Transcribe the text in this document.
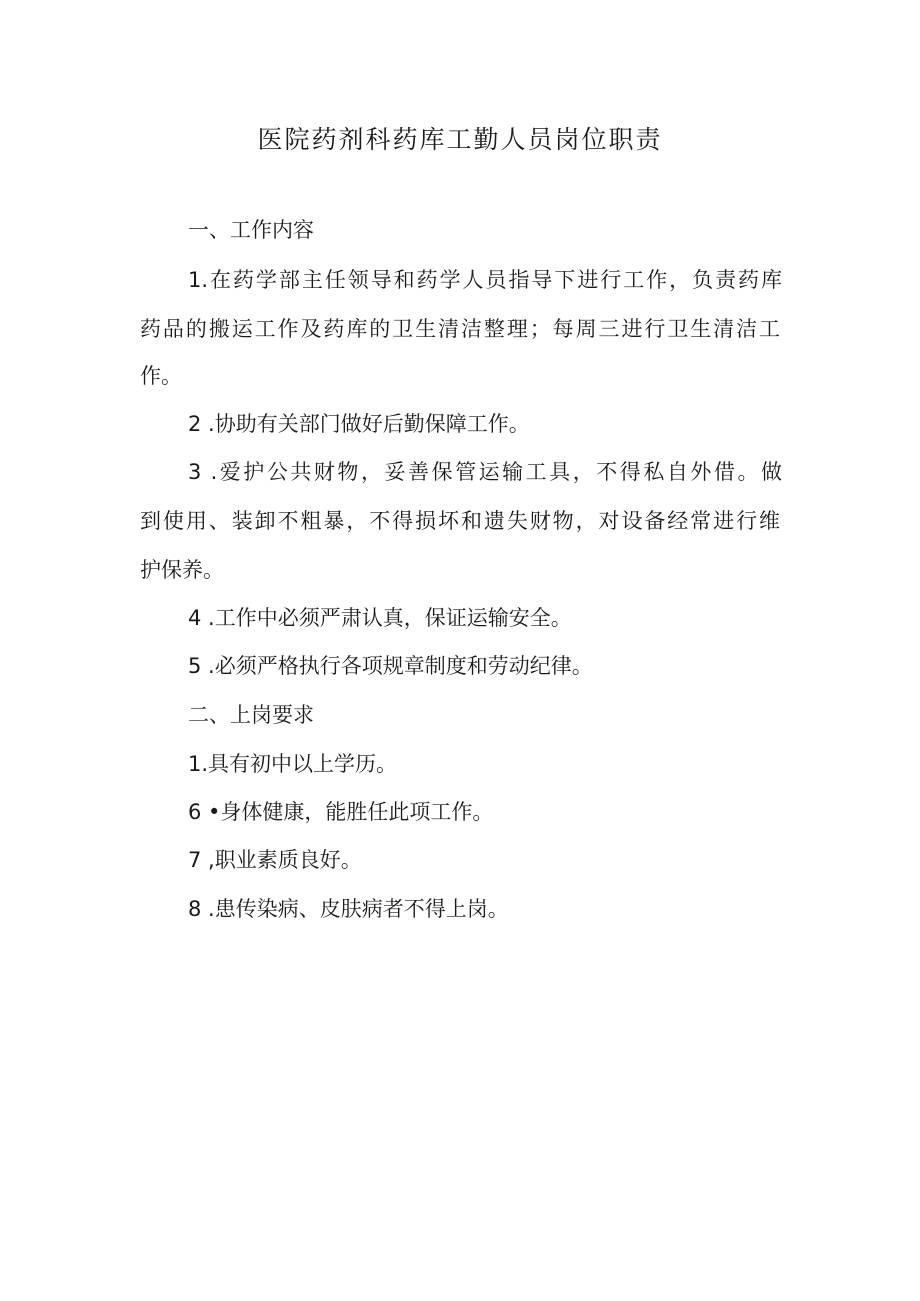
医院药剂科药库工勤人员岗位职责
一、工作内容
1.在药学部主任领导和药学人员指导下进行工作，负责药库
药品的搬运工作及药库的卫生清洁整理；每周三进行卫生清洁工
作。
2 .协助有关部门做好后勤保障工作。
3 .爱护公共财物，妥善保管运输工具，不得私自外借。做
到使用、装卸不粗暴，不得损坏和遗失财物，对设备经常进行维
护保养。
4 .工作中必须严肃认真，保证运输安全。
5 .必须严格执行各项规章制度和劳动纪律。
二、上岗要求
1.具有初中以上学历。
6 •身体健康，能胜任此项工作。
7 ,职业素质良好。
8 .患传染病、皮肤病者不得上岗。
